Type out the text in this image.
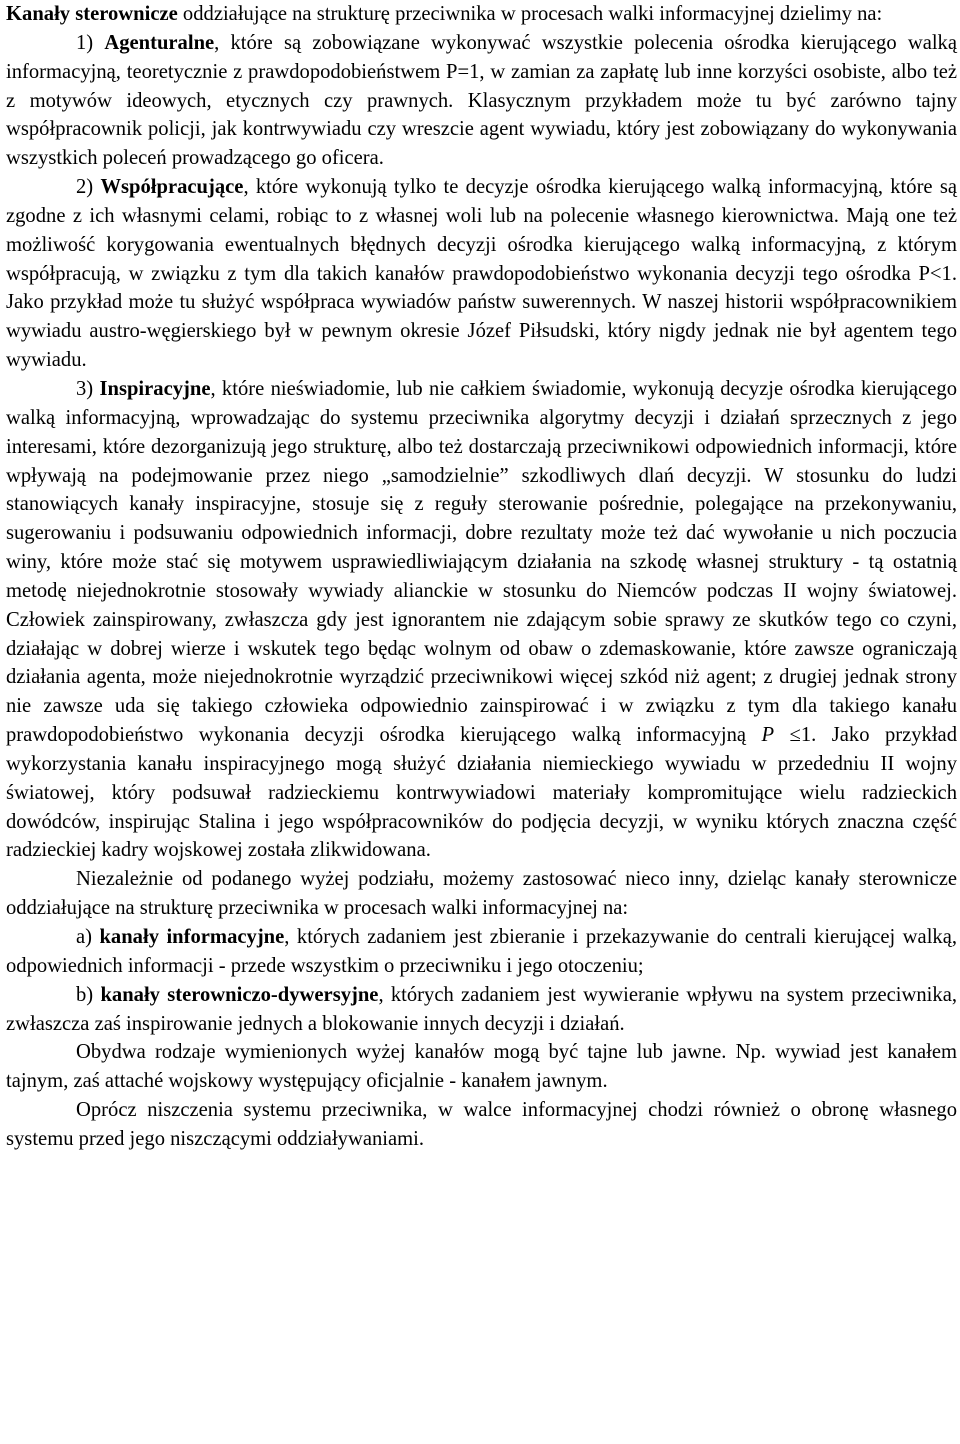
Kanały sterownicze oddziałujące na strukturę przeciwnika w procesach walki informacyjnej dzielimy na:

1) Agenturalne, które są zobowiązane wykonywać wszystkie polecenia ośrodka kierującego walką informacyjną, teoretycznie z prawdopodobieństwem P=1, w zamian za zapłatę lub inne korzyści osobiste, albo też z motywów ideowych, etycznych czy prawnych. Klasycznym przykładem może tu być zarówno tajny współpracownik policji, jak kontrwywiadu czy wreszcie agent wywiadu, który jest zobowiązany do wykonywania wszystkich poleceń prowadzącego go oficera.

2) Współpracujące, które wykonują tylko te decyzje ośrodka kierującego walką informacyjną, które są zgodne z ich własnymi celami, robiąc to z własnej woli lub na polecenie własnego kierownictwa. Mają one też możliwość korygowania ewentualnych błędnych decyzji ośrodka kierującego walką informacyjną, z którym współpracują, w związku z tym dla takich kanałów prawdopodobieństwo wykonania decyzji tego ośrodka P<1. Jako przykład może tu służyć współpraca wywiadów państw suwerennych. W naszej historii współpracownikiem wywiadu austro-węgierskiego był w pewnym okresie Józef Piłsudski, który nigdy jednak nie był agentem tego wywiadu.

3) Inspiracyjne, które nieświadomie, lub nie całkiem świadomie, wykonują decyzje ośrodka kierującego walką informacyjną, wprowadzając do systemu przeciwnika algorytmy decyzji i działań sprzecznych z jego interesami, które dezorganizują jego strukturę, albo też dostarczają przeciwnikowi odpowiednich informacji, które wpływają na podejmowanie przez niego „samodzielnie” szkodliwych dlań decyzji. W stosunku do ludzi stanowiących kanały inspiracyjne, stosuje się z reguły sterowanie pośrednie, polegające na przekonywaniu, sugerowaniu i podsuwaniu odpowiednich informacji, dobre rezultaty może też dać wywołanie u nich poczucia winy, które może stać się motywem usprawiedliwiającym działania na szkodę własnej struktury - tą ostatnią metodę niejednokrotnie stosowały wywiady alianckie w stosunku do Niemców podczas II wojny światowej. Człowiek zainspirowany, zwłaszcza gdy jest ignorantem nie zdającym sobie sprawy ze skutków tego co czyni, działając w dobrej wierze i wskutek tego będąc wolnym od obaw o zdemaskowanie, które zawsze ograniczają działania agenta, może niejednokrotnie wyrządzić przeciwnikowi więcej szkód niż agent; z drugiej jednak strony nie zawsze uda się takiego człowieka odpowiednio zainspirować i w związku z tym dla takiego kanału prawdopodobieństwo wykonania decyzji ośrodka kierującego walką informacyjną P ≤1. Jako przykład wykorzystania kanału inspiracyjnego mogą służyć działania niemieckiego wywiadu w przededniu II wojny światowej, który podsuwał radzieckiemu kontrwywiadowi materiały kompromitujące wielu radzieckich dowódców, inspirując Stalina i jego współpracowników do podjęcia decyzji, w wyniku których znaczna część radzieckiej kadry wojskowej została zlikwidowana.

Niezależnie od podanego wyżej podziału, możemy zastosować nieco inny, dzieląc kanały sterownicze oddziałujące na strukturę przeciwnika w procesach walki informacyjnej na:

a) kanały informacyjne, których zadaniem jest zbieranie i przekazywanie do centrali kierującej walką, odpowiednich informacji - przede wszystkim o przeciwniku i jego otoczeniu;

b) kanały sterowniczo-dywersyjne, których zadaniem jest wywieranie wpływu na system przeciwnika, zwłaszcza zaś inspirowanie jednych a blokowanie innych decyzji i działań.

Obydwa rodzaje wymienionych wyżej kanałów mogą być tajne lub jawne. Np. wywiad jest kanałem tajnym, zaś attaché wojskowy występujący oficjalnie - kanałem jawnym.

Oprócz niszczenia systemu przeciwnika, w walce informacyjnej chodzi również o obronę własnego systemu przed jego niszczącymi oddziaływaniami.
